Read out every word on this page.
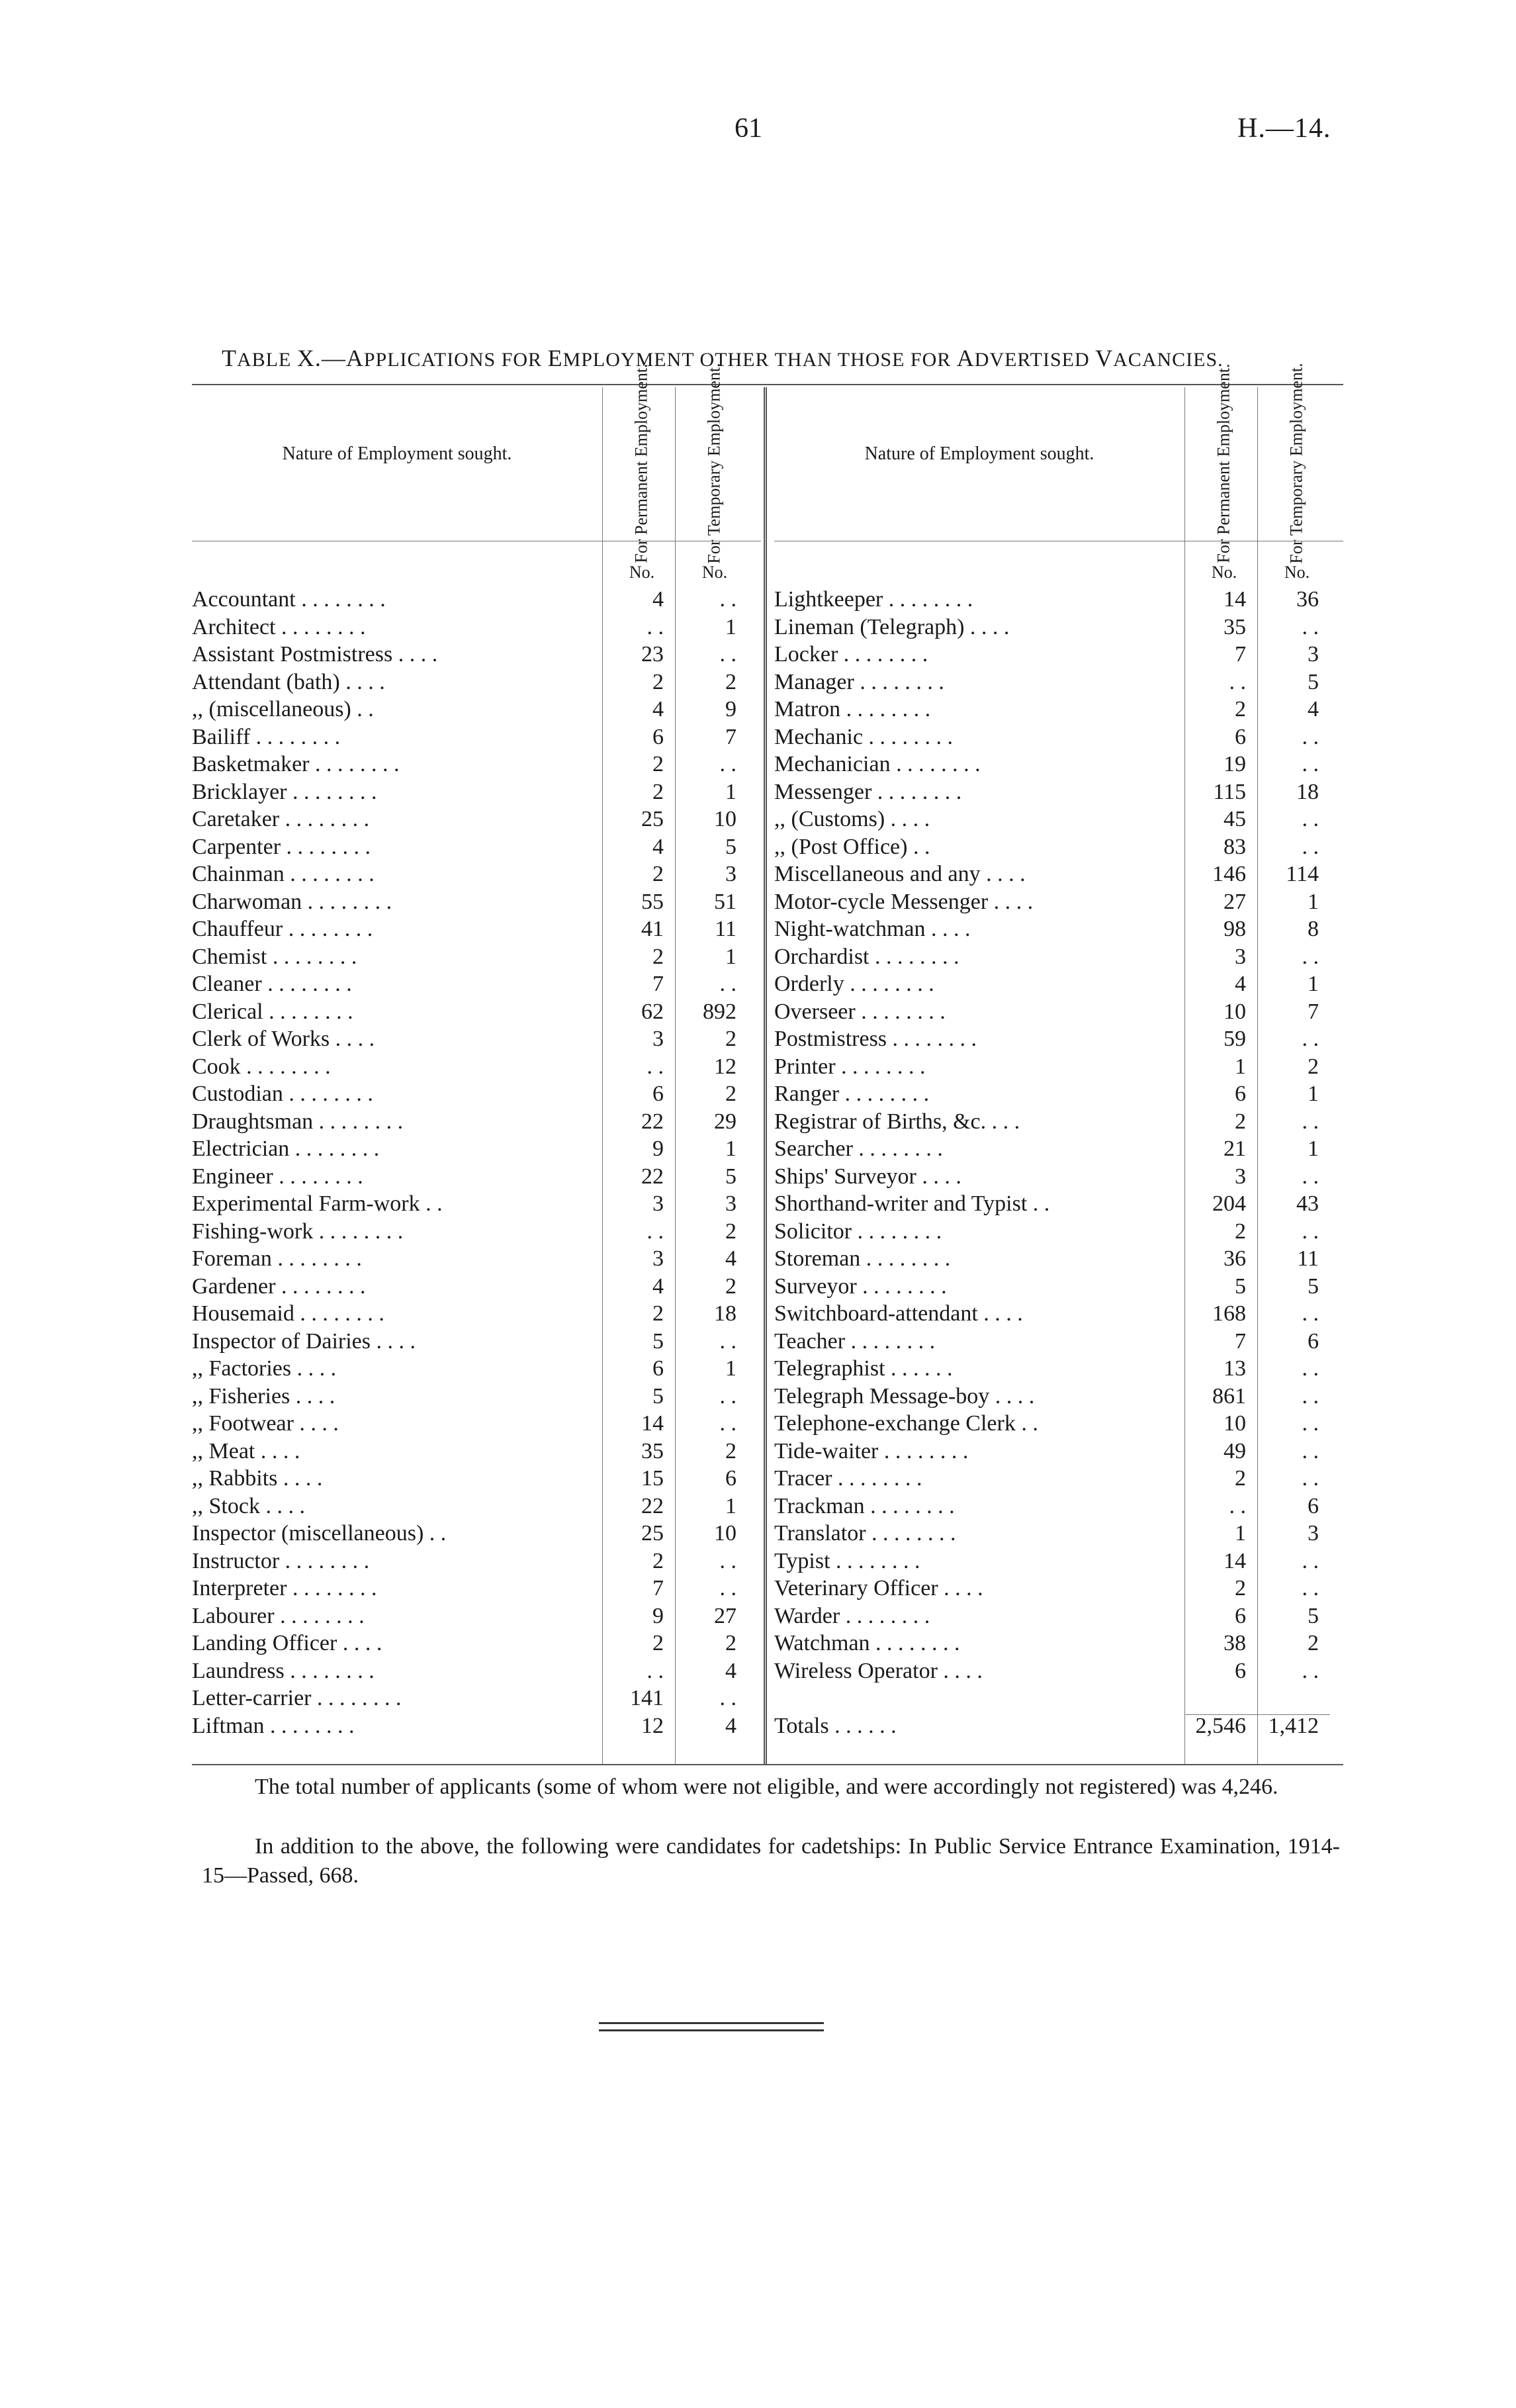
61	H.—14.
TABLE X.—APPLICATIONS FOR EMPLOYMENT OTHER THAN THOSE FOR ADVERTISED VACANCIES.
Nature of Employment sought.	For Permanent Employment.	For Temporary Employment.
No.	No.
Accountant . . . . . . . .	4	. .
Architect . . . . . . . .	. .	1
Assistant Postmistress . . . .	23	. .
Attendant (bath) . . . .	2	2
,, (miscellaneous) . .	4	9
Bailiff . . . . . . . .	6	7
Basketmaker . . . . . . . .	2	. .
Bricklayer . . . . . . . .	2	1
Caretaker . . . . . . . .	25	10
Carpenter . . . . . . . .	4	5
Chainman . . . . . . . .	2	3
Charwoman . . . . . . . .	55	51
Chauffeur . . . . . . . .	41	11
Chemist . . . . . . . .	2	1
Cleaner . . . . . . . .	7	. .
Clerical . . . . . . . .	62	892
Clerk of Works . . . .	3	2
Cook . . . . . . . .	. .	12
Custodian . . . . . . . .	6	2
Draughtsman . . . . . . . .	22	29
Electrician . . . . . . . .	9	1
Engineer . . . . . . . .	22	5
Experimental Farm-work . .	3	3
Fishing-work . . . . . . . .	. .	2
Foreman . . . . . . . .	3	4
Gardener . . . . . . . .	4	2
Housemaid . . . . . . . .	2	18
Inspector of Dairies . . . .	5	. .
,, Factories . . . .	6	1
,, Fisheries . . . .	5	. .
,, Footwear . . . .	14	. .
,, Meat . . . .	35	2
,, Rabbits . . . .	15	6
,, Stock . . . .	22	1
Inspector (miscellaneous) . .	25	10
Instructor . . . . . . . .	2	. .
Interpreter . . . . . . . .	7	. .
Labourer . . . . . . . .	9	27
Landing Officer . . . .	2	2
Laundress . . . . . . . .	. .	4
Letter-carrier . . . . . . . .	141	. .
Liftman . . . . . . . .	12	4
Nature of Employment sought.	For Permanent Employment.	For Temporary Employment.
No.	No.
Lightkeeper . . . . . . . .	14	36
Lineman (Telegraph) . . . .	35	. .
Locker . . . . . . . .	7	3
Manager . . . . . . . .	. .	5
Matron . . . . . . . .	2	4
Mechanic . . . . . . . .	6	. .
Mechanician . . . . . . . .	19	. .
Messenger . . . . . . . .	115	18
,, (Customs) . . . .	45	. .
,, (Post Office) . .	83	. .
Miscellaneous and any . . . .	146	114
Motor-cycle Messenger . . . .	27	1
Night-watchman . . . .	98	8
Orchardist . . . . . . . .	3	. .
Orderly . . . . . . . .	4	1
Overseer . . . . . . . .	10	7
Postmistress . . . . . . . .	59	. .
Printer . . . . . . . .	1	2
Ranger . . . . . . . .	6	1
Registrar of Births, &c. . . .	2	. .
Searcher . . . . . . . .	21	1
Ships' Surveyor . . . .	3	. .
Shorthand-writer and Typist . .	204	43
Solicitor . . . . . . . .	2	. .
Storeman . . . . . . . .	36	11
Surveyor . . . . . . . .	5	5
Switchboard-attendant . . . .	168	. .
Teacher . . . . . . . .	7	6
Telegraphist . . . . . .	13	. .
Telegraph Message-boy . . . .	861	. .
Telephone-exchange Clerk . .	10	. .
Tide-waiter . . . . . . . .	49	. .
Tracer . . . . . . . .	2	. .
Trackman . . . . . . . .	. .	6
Translator . . . . . . . .	1	3
Typist . . . . . . . .	14	. .
Veterinary Officer . . . .	2	. .
Warder . . . . . . . .	6	5
Watchman . . . . . . . .	38	2
Wireless Operator . . . .	6	. .
Totals . . . . . .	2,546 1,412
The total number of applicants (some of whom were not eligible, and were accordingly not registered) was 4,246.
In addition to the above, the following were candidates for cadetships: In Public Service Entrance Examination, 1914-15—Passed, 668.
